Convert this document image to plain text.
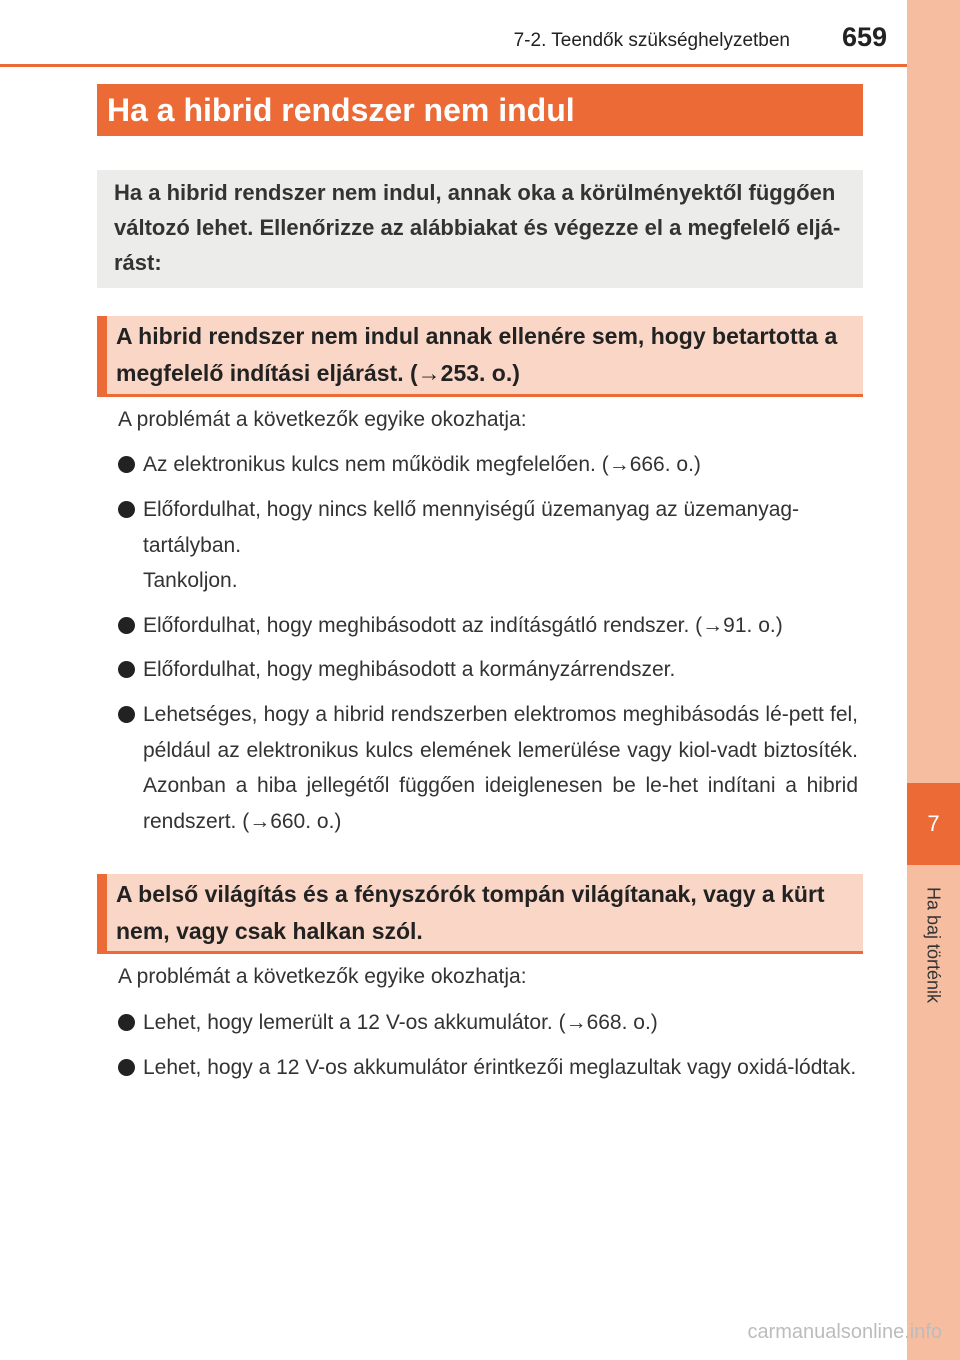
7
Ha baj történik
7-2. Teendők szükséghelyzetben 659
Ha a hibrid rendszer nem indul
Ha a hibrid rendszer nem indul, annak oka a körülményektől függően változó lehet. Ellenőrizze az alábbiakat és végezze el a megfelelő eljá-rást:
A hibrid rendszer nem indul annak ellenére sem, hogy betartotta a megfelelő indítási eljárást. (→253. o.)
A problémát a következők egyike okozhatja:
Az elektronikus kulcs nem működik megfelelően. (→666. o.)
Előfordulhat, hogy nincs kellő mennyiségű üzemanyag az üzemanyag-tartályban.
Tankoljon.
Előfordulhat, hogy meghibásodott az indításgátló rendszer. (→91. o.)
Előfordulhat, hogy meghibásodott a kormányzárrendszer.
Lehetséges, hogy a hibrid rendszerben elektromos meghibásodás lé-pett fel, például az elektronikus kulcs elemének lemerülése vagy kiol-vadt biztosíték. Azonban a hiba jellegétől függően ideiglenesen be le-het indítani a hibrid rendszert. (→660. o.)
A belső világítás és a fényszórók tompán világítanak, vagy a kürt nem, vagy csak halkan szól.
A problémát a következők egyike okozhatja:
Lehet, hogy lemerült a 12 V-os akkumulátor. (→668. o.)
Lehet, hogy a 12 V-os akkumulátor érintkezői meglazultak vagy oxidá-lódtak.
carmanualsonline.info
